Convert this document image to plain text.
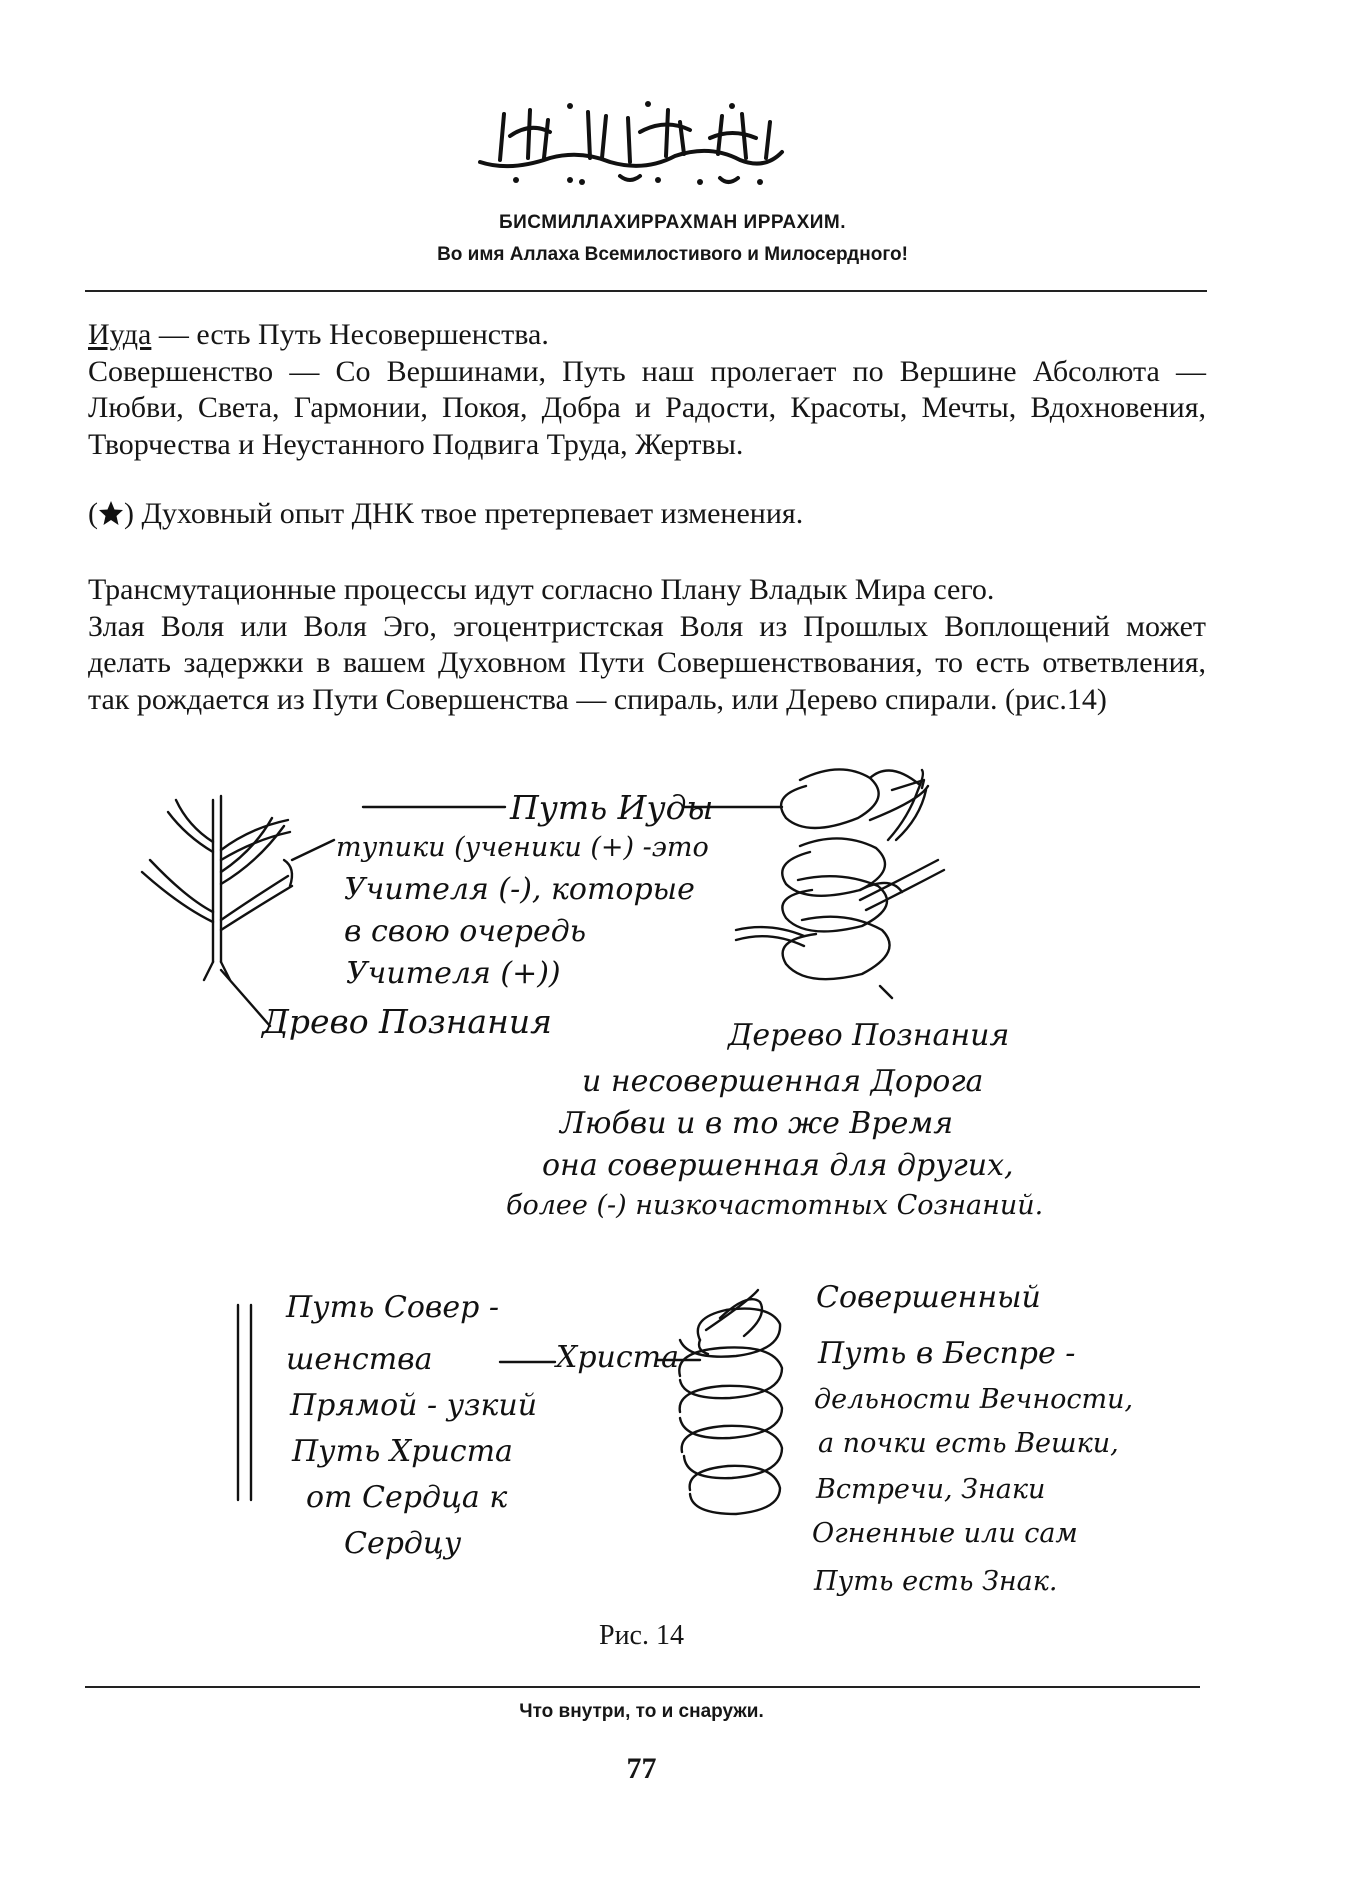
БИСМИЛЛАХИРРАХМАН ИРРАХИМ.
Во имя Аллаха Всемилостивого и Милосердного!

Иуда — есть Путь Несовершенства.

Совершенство — Со Вершинами, Путь наш пролегает по Вершине Абсолюта — Любви, Света, Гармонии, Покоя, Добра и Радости, Красоты, Мечты, Вдохновения, Творчества и Неустанного Подвига Труда, Жертвы.

( ) Духовный опыт ДНК твое претерпевает изменения.

Трансмутационные процессы идут согласно Плану Владык Мира сего.

Злая Воля или Воля Эго, эгоцентристская Воля из Прошлых Воплощений может делать задержки в вашем Духовном Пути Совершенствования, то есть ответвления, так рождается из Пути Совершенства — спираль, или Дерево спирали. (рис.14)

Путь Иуды
тупики (ученики (+) -это
Учителя (-), которые
в свою очередь
Учителя (+))
Древо Познания	Дерево Познания
и несовершенная Дорога
Любви и в то же Время
она совершенная для других,
более (-) низкочастотных Сознаний.
Путь Совер -
шенства
Прямой - узкий
Путь Христа
от Сердца к
Сердцу
Христа
Совершенный
Путь в Беспре -
дельности Вечности,
а почки есть Вешки,
Встречи, Знаки
Огненные или сам
Путь есть Знак.
Рис. 14
Что внутри, то и снаружи.
77
